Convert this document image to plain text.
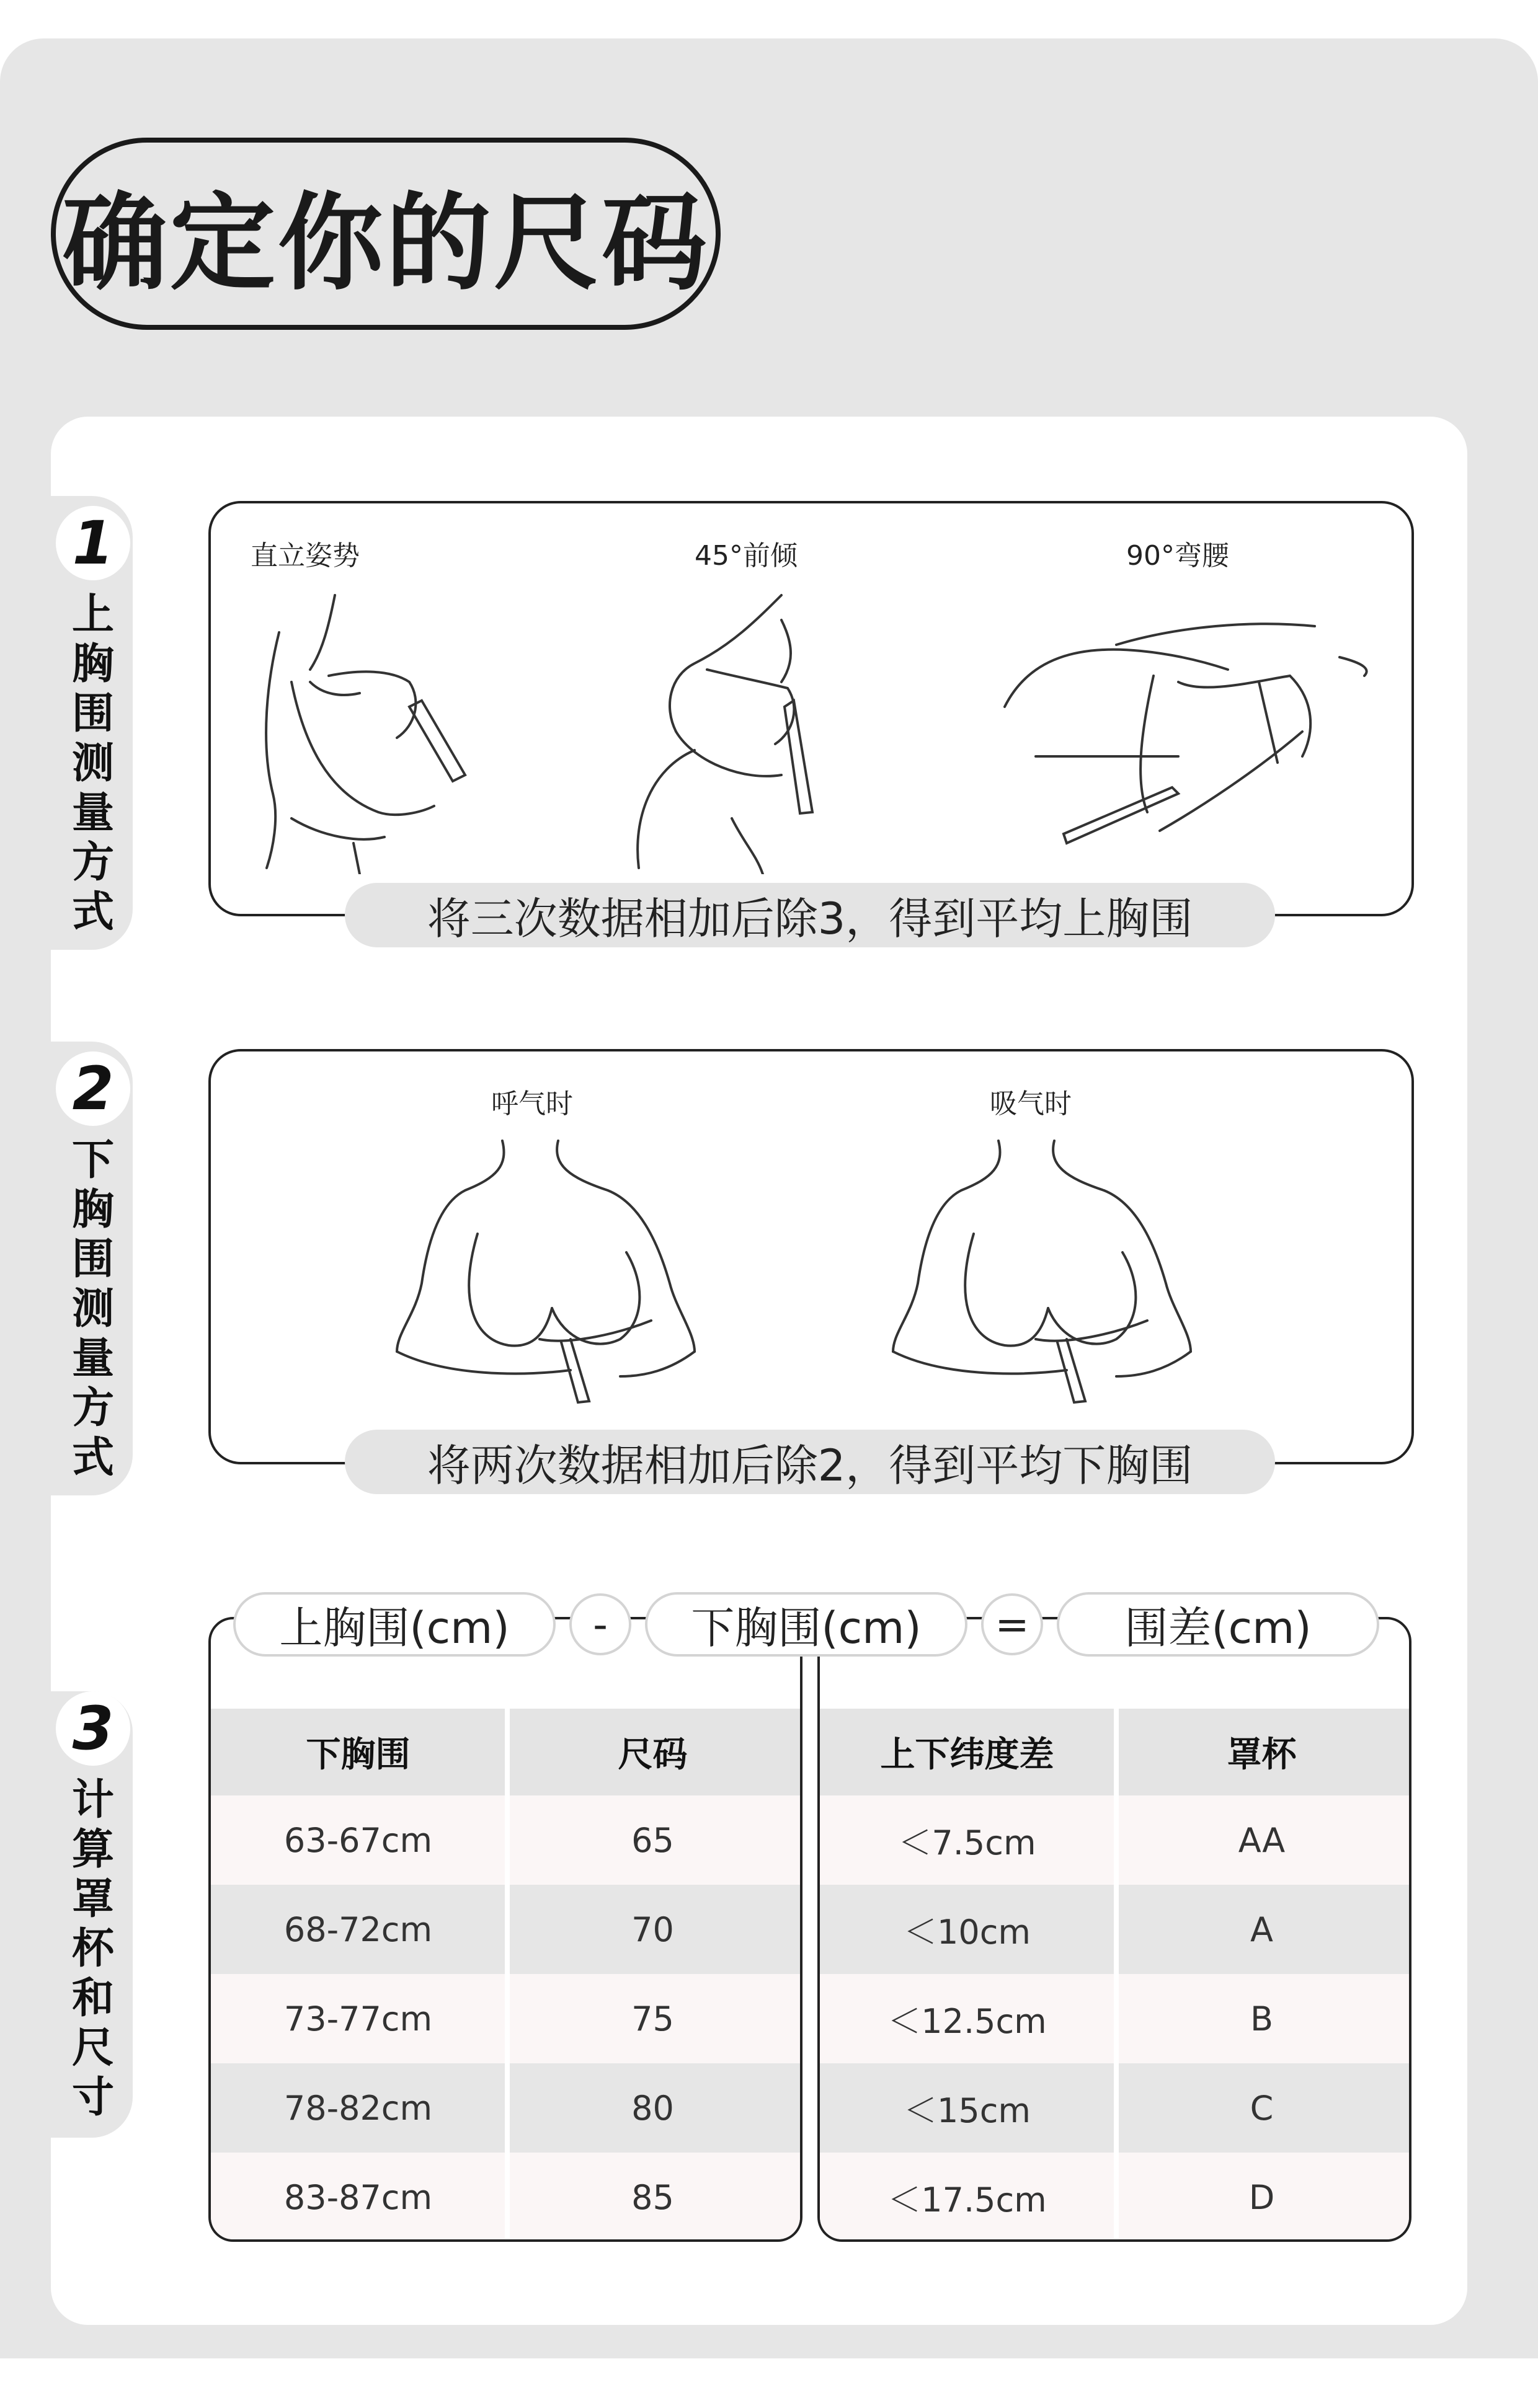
确定你的尺码
1
上
胸
围
测
量
方
式
2
下
胸
围
测
量
方
式
3
计
算
罩
杯
和
尺
寸
直立姿势	45°前倾	90°弯腰
将三次数据相加后除3，得到平均上胸围
呼气时	吸气时
将两次数据相加后除2，得到平均下胸围
下胸围	尺码
63-67cm	65
68-72cm	70
73-77cm	75
78-82cm	80
83-87cm	85
上下纬度差	罩杯
＜7.5cm	AA
＜10cm	A
＜12.5cm	B
＜15cm	C
＜17.5cm	D
上胸围(cm)	-	下胸围(cm)	=	围差(cm)
